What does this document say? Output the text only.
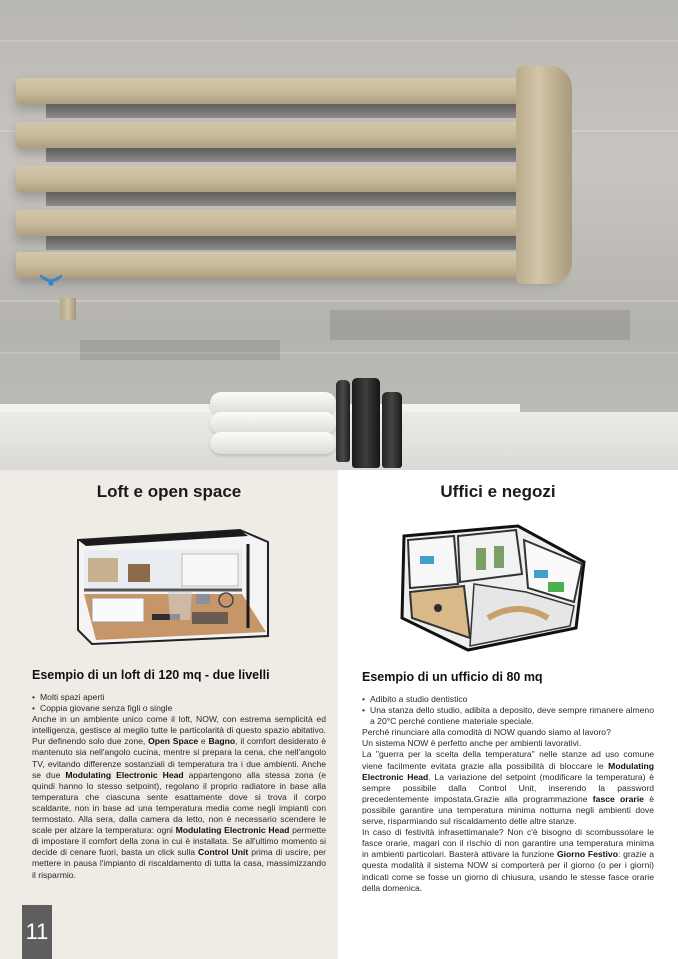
Loft e open space
Esempio di un loft di 120 mq - due livelli
• Molti spazi aperti
• Coppia giovane senza figli o single

Anche in un ambiente unico come il loft, NOW, con estrema semplicità ed intelligenza, gestisce al meglio tutte le particolarità di questo spazio abitativo. Pur definendo solo due zone, Open Space e Bagno, il comfort desiderato è mantenuto sia nell'angolo cucina, mentre si prepara la cena, che nell'angolo TV, evitando differenze sostanziali di temperatura tra i due ambienti. Anche se due Modulating Electronic Head appartengono alla stessa zona (e quindi hanno lo stesso setpoint), regolano il proprio radiatore in base alla temperatura che ciascuna sente esattamente dove si trova il corpo scaldante, non in base ad una temperatura media come negli impianti con termostato. Alla sera, dalla camera da letto, non è necessario scendere le scale per alzare la temperatura: ogni Modulating Electronic Head permette di impostare il comfort della zona in cui è installata. Se all'ultimo momento si decide di cenare fuori, basta un click sulla Control Unit prima di uscire, per mettere in pausa l'impianto di riscaldamento di tutta la casa, massimizzando il risparmio.

11
Uffici e negozi
Esempio di un ufficio di 80 mq
• Adibito a studio dentistico
• Una stanza dello studio, adibita a deposito, deve sempre rimanere almeno a 20°C perché contiene materiale speciale.

Perché rinunciare alla comodità di NOW quando siamo al lavoro?

Un sistema NOW è perfetto anche per ambienti lavorativi.

La "guerra per la scelta della temperatura" nelle stanze ad uso comune viene facilmente evitata grazie alla possibilità di bloccare le Modulating Electronic Head. La variazione del setpoint (modificare la temperatura) è sempre possibile dalla Control Unit, inserendo la password precedentemente impostata.Grazie alla programmazione fasce orarie è possibile garantire una temperatura minima notturna negli ambienti dove serve, risparmiando sul riscaldamento delle altre stanze.

In caso di festività infrasettimanale? Non c'è bisogno di scombussolare le fasce orarie, magari con il rischio di non garantire una temperatura minima in ambienti particolari. Basterà attivare la funzione Giorno Festivo: grazie a questa modalità il sistema NOW si comporterà per il giorno (o per i giorni) indicati come se fosse un giorno di chiusura, usando le stesse fasce orarie della domenica.
